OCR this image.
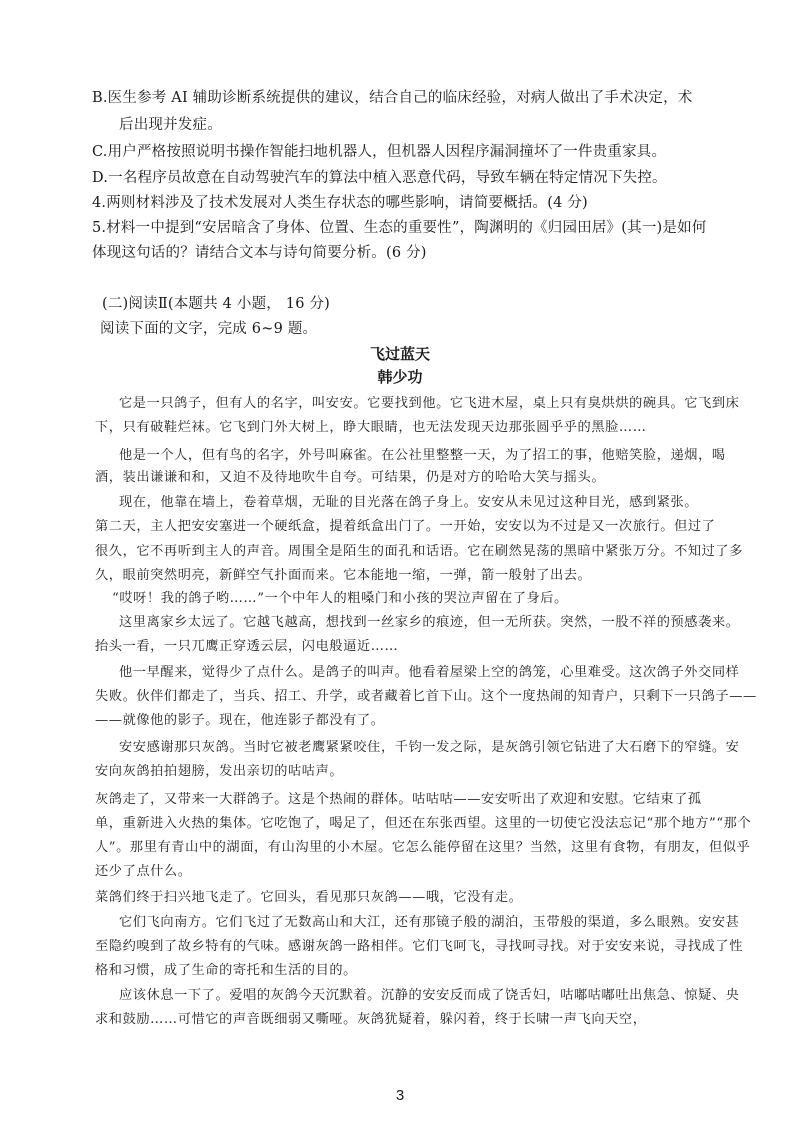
B.医生参考 AI 辅助诊断系统提供的建议，结合自己的临床经验，对病人做出了手术决定，术
后出现并发症。
C.用户严格按照说明书操作智能扫地机器人，但机器人因程序漏洞撞坏了一件贵重家具。
D.一名程序员故意在自动驾驶汽车的算法中植入恶意代码，导致车辆在特定情况下失控。
4.两则材料涉及了技术发展对人类生存状态的哪些影响，请简要概括。(4 分)
5.材料一中提到“安居暗含了身体、位置、生态的重要性”，陶渊明的《归园田居》(其一)是如何
体现这句话的？请结合文本与诗句简要分析。(6 分)
(二)阅读Ⅱ(本题共 4 小题， 16 分)
阅读下面的文字，完成 6~9 题。
飞过蓝天
韩少功
它是一只鸽子，但有人的名字，叫安安。它要找到他。它飞进木屋，桌上只有臭烘烘的碗具。它飞到床
下，只有破鞋烂袜。它飞到门外大树上，睁大眼睛，也无法发现天边那张圆乎乎的黑脸……
他是一个人，但有鸟的名字，外号叫麻雀。在公社里整整一天，为了招工的事，他赔笑脸，递烟，喝
酒，装出谦谦和和，又迫不及待地吹牛自夸。可结果，仍是对方的哈哈大笑与摇头。
现在，他靠在墙上，卷着草烟，无耻的目光落在鸽子身上。安安从未见过这种目光，感到紧张。
第二天，主人把安安塞进一个硬纸盒，提着纸盒出门了。一开始，安安以为不过是又一次旅行。但过了
很久，它不再听到主人的声音。周围全是陌生的面孔和话语。它在刷然晃荡的黑暗中紧张万分。不知过了多
久，眼前突然明亮，新鲜空气扑面而来。它本能地一缩，一弹，箭一般射了出去。
“哎呀！我的鸽子哟……”一个中年人的粗嗓门和小孩的哭泣声留在了身后。
这里离家乡太远了。它越飞越高，想找到一丝家乡的痕迹，但一无所获。突然，一股不祥的预感袭来。
抬头一看，一只兀鹰正穿透云层，闪电般逼近……
他一早醒来，觉得少了点什么。是鸽子的叫声。他看着屋梁上空的鸽笼，心里难受。这次鸽子外交同样
失败。伙伴们都走了，当兵、招工、升学，或者藏着匕首下山。这个一度热闹的知青户，只剩下一只鸽子——
——就像他的影子。现在，他连影子都没有了。
安安感谢那只灰鸽。当时它被老鹰紧紧咬住，千钧一发之际，是灰鸽引领它钻进了大石磨下的窄缝。安
安向灰鸽拍拍翅膀，发出亲切的咕咕声。
灰鸽走了，又带来一大群鸽子。这是个热闹的群体。咕咕咕——安安听出了欢迎和安慰。它结束了孤
单，重新进入火热的集体。它吃饱了，喝足了，但还在东张西望。这里的一切使它没法忘记“那个地方”“那个
人”。那里有青山中的湖面，有山沟里的小木屋。它怎么能停留在这里？当然，这里有食物，有朋友，但似乎
还少了点什么。
菜鸽们终于扫兴地飞走了。它回头，看见那只灰鸽——哦，它没有走。
它们飞向南方。它们飞过了无数高山和大江，还有那镜子般的湖泊，玉带般的渠道，多么眼熟。安安甚
至隐约嗅到了故乡特有的气味。感谢灰鸽一路相伴。它们飞呵飞，寻找呵寻找。对于安安来说，寻找成了性
格和习惯，成了生命的寄托和生活的目的。
应该休息一下了。爱唱的灰鸽今天沉默着。沉静的安安反而成了饶舌妇，咕嘟咕嘟吐出焦急、惊疑、央
求和鼓励……可惜它的声音既细弱又嘶哑。灰鸽犹疑着，躲闪着，终于长啸一声飞向天空，
3
